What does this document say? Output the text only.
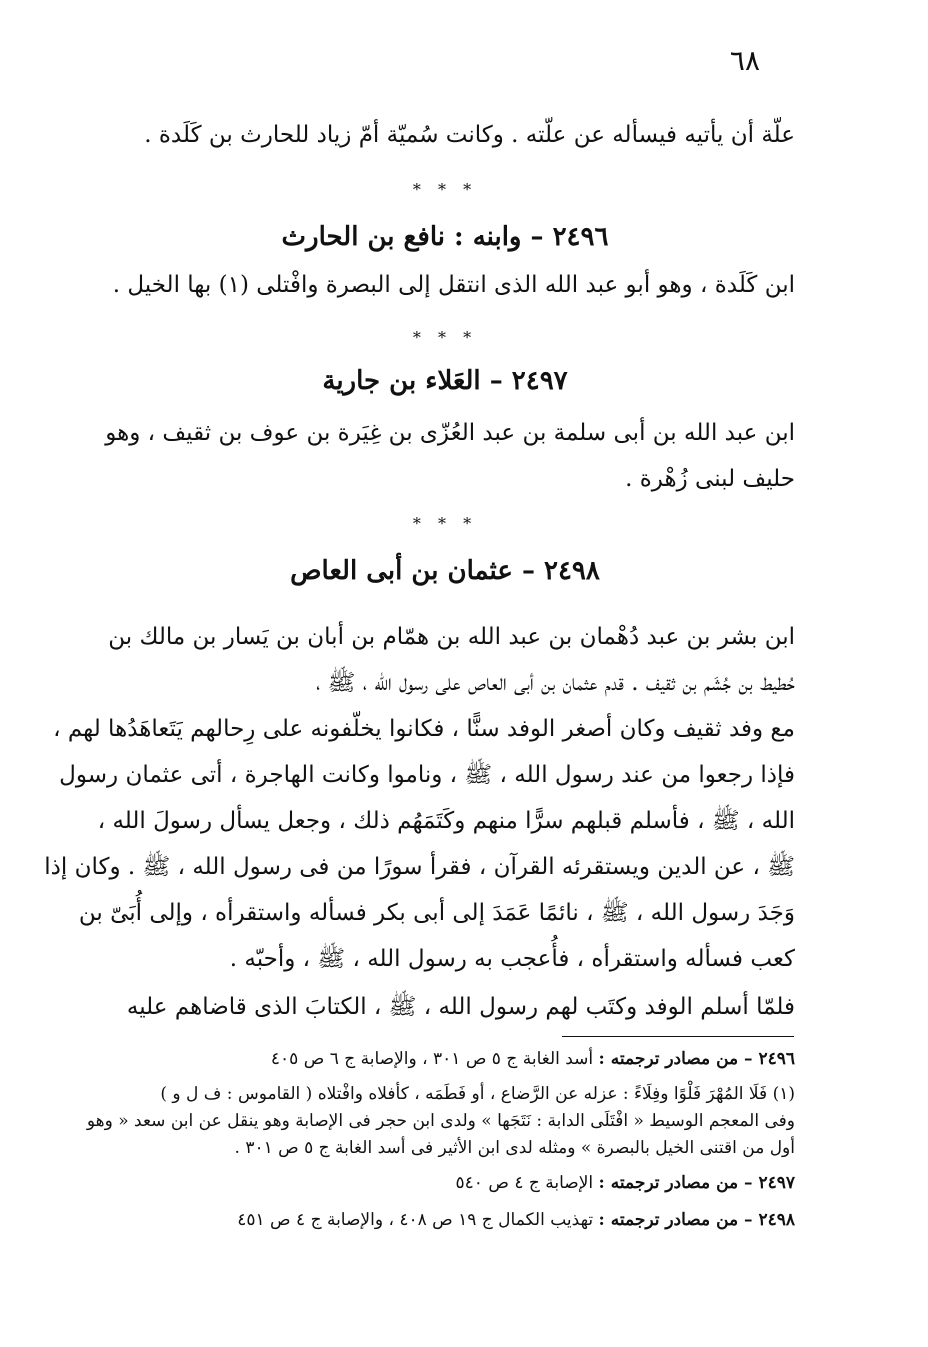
٦٨

علّة أن يأتيه فيسأله عن علّته . وكانت سُميّة أمّ زياد للحارث بن كَلَدة .

* * *
٢٤٩٦ – وابنه : نافع بن الحارث

ابن كَلَدة ، وهو أبو عبد الله الذى انتقل إلى البصرة وافْتلى (١) بها الخيل .

* * *
٢٤٩٧ – العَلاء بن جارية

ابن عبد الله بن أبى سلمة بن عبد العُزّى بن غِيَرة بن عوف بن ثقيف ، وهو
حليف لبنى زُهْرة .

* * *
٢٤٩٨ – عثمان بن أبى العاص

ابن بشر بن عبد دُهْمان بن عبد الله بن همّام بن أبان بن يَسار بن مالك بن
حُطيط بن جُشَم بن ثقيف . قدم عثمان بن أبى العاص على رسول الله ، ﷺ ،
مع وفد ثقيف وكان أصغر الوفد سنًّا ، فكانوا يخلّفونه على رِحالهم يَتَعاهَدُها لهم ،
فإذا رجعوا من عند رسول الله ، ﷺ ، وناموا وكانت الهاجرة ، أتى عثمان رسول
الله ، ﷺ ، فأسلم قبلهم سرًّا منهم وكَتَمَهُم ذلك ، وجعل يسأل رسولَ الله ،
ﷺ ، عن الدين ويستقرئه القرآن ، فقرأ سورًا من فى رسول الله ، ﷺ . وكان إذا
وَجَدَ رسول الله ، ﷺ ، نائمًا عَمَدَ إلى أبى بكر فسأله واستقرأه ، وإلى أُبَىّ بن
كعب فسأله واستقرأه ، فأُعجب به رسول الله ، ﷺ ، وأحبّه .
فلمّا أسلم الوفد وكتَب لهم رسول الله ، ﷺ ، الكتابَ الذى قاضاهم عليه

٢٤٩٦ – من مصادر ترجمته : أسد الغابة ج ٥ ص ٣٠١ ، والإصابة ج ٦ ص ٤٠٥
(١) فَلَا المُهْرَ فَلْوًا وفِلَاءً : عزله عن الرَّضاع ، أو فَطَمَه ، كأفلاه وافْتلاه ( القاموس : ف ل و )
وفى المعجم الوسيط « افْتَلَى الدابة : نَتَجَها » ولدى ابن حجر فى الإصابة وهو ينقل عن ابن سعد « وهو
أول من اقتنى الخيل بالبصرة » ومثله لدى ابن الأثير فى أسد الغابة ج ٥ ص ٣٠١ .
٢٤٩٧ – من مصادر ترجمته : الإصابة ج ٤ ص ٥٤٠
٢٤٩٨ – من مصادر ترجمته : تهذيب الكمال ج ١٩ ص ٤٠٨ ، والإصابة ج ٤ ص ٤٥١
